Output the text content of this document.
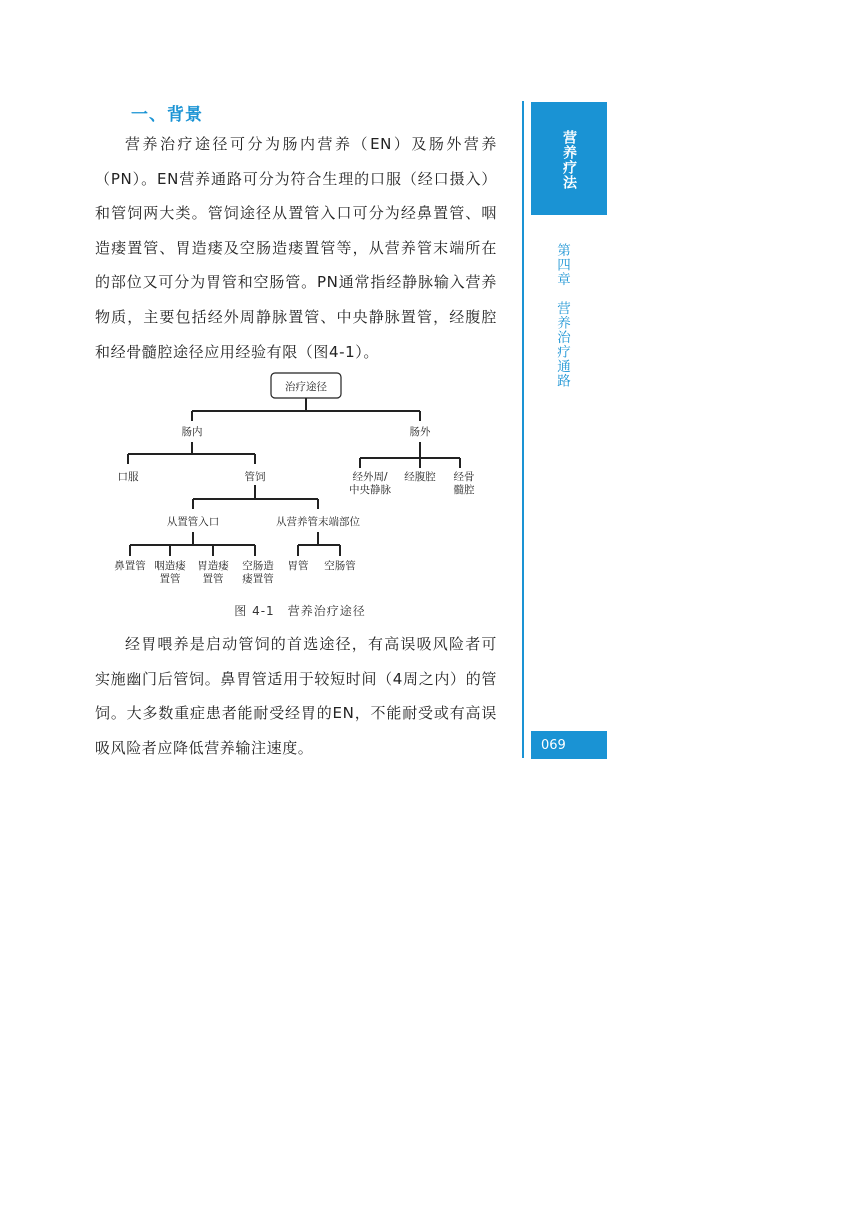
一、背景
营养治疗途径可分为肠内营养（EN）及肠外营养（PN）。EN营养通路可分为符合生理的口服（经口摄入）和管饲两大类。管饲途径从置管入口可分为经鼻置管、咽造瘘置管、胃造瘘及空肠造瘘置管等，从营养管末端所在的部位又可分为胃管和空肠管。PN通常指经静脉输入营养物质，主要包括经外周静脉置管、中央静脉置管，经腹腔和经骨髓腔途径应用经验有限（图4-1）。
治疗途径
肠内	肠外
口服	管饲	经外周/
中央静脉
经腹腔 经骨
髓腔
从置管入口	从营养管末端部位
鼻置管 咽造瘘
置管
胃造瘘
置管
空肠造
瘘置管
胃管 空肠管
图 4-1　营养治疗途径
经胃喂养是启动管饲的首选途径，有高误吸风险者可实施幽门后管饲。鼻胃管适用于较短时间（4周之内）的管饲。大多数重症患者能耐受经胃的EN，不能耐受或有高误吸风险者应降低营养输注速度。
营养疗法
第四章　营养治疗通路
069
